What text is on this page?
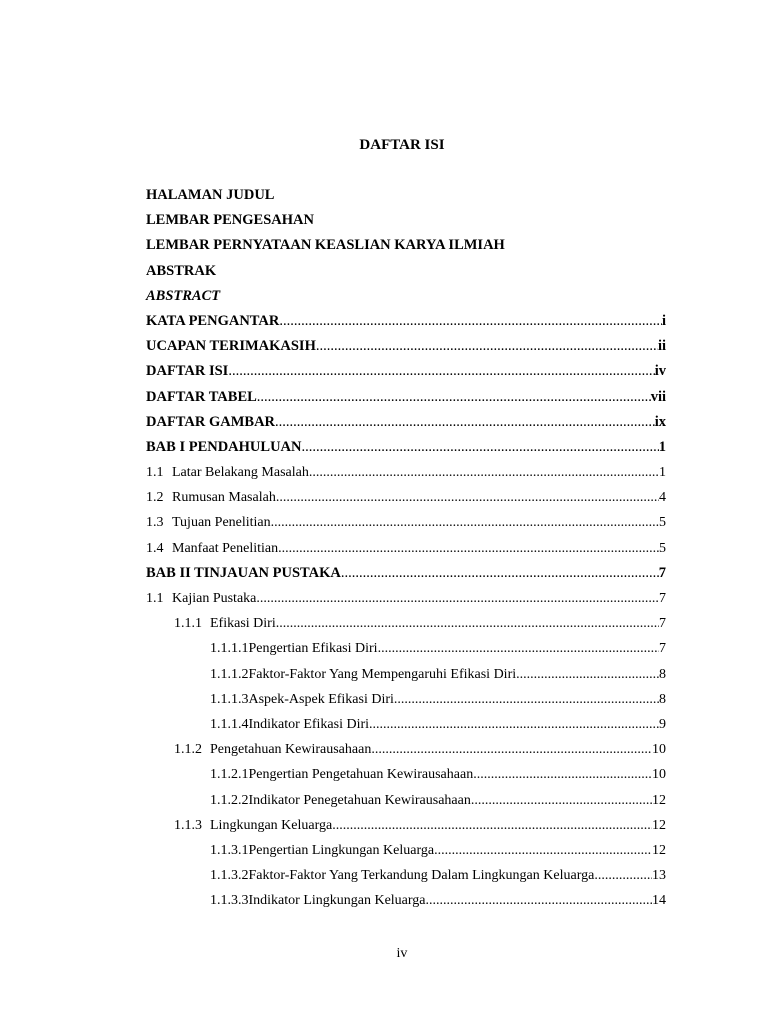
DAFTAR ISI
HALAMAN JUDUL
LEMBAR PENGESAHAN
LEMBAR PERNYATAAN KEASLIAN KARYA ILMIAH
ABSTRAK
ABSTRACT
KATA PENGANTAR .....	i
UCAPAN TERIMAKASIH .....	ii
DAFTAR ISI .....	iv
DAFTAR TABEL .....	vii
DAFTAR GAMBAR .....	ix
BAB I PENDAHULUAN .....	1
1.1 Latar Belakang Masalah .....	1
1.2 Rumusan Masalah .....	4
1.3 Tujuan Penelitian .....	5
1.4 Manfaat Penelitian .....	5
BAB II TINJAUAN PUSTAKA .....	7
1.1 Kajian Pustaka .....	7
1.1.1 Efikasi Diri .....	7
1.1.1.1Pengertian Efikasi Diri .....	7
1.1.1.2Faktor-Faktor Yang Mempengaruhi Efikasi Diri .....	8
1.1.1.3Aspek-Aspek Efikasi Diri .....	8
1.1.1.4Indikator Efikasi Diri .....	9
1.1.2 Pengetahuan Kewirausahaan .....	10
1.1.2.1Pengertian Pengetahuan Kewirausahaan .....	10
1.1.2.2Indikator Penegetahuan Kewirausahaan .....	12
1.1.3 Lingkungan Keluarga .....	12
1.1.3.1Pengertian Lingkungan Keluarga .....	12
1.1.3.2Faktor-Faktor Yang Terkandung Dalam Lingkungan Keluarga .....	13
1.1.3.3Indikator Lingkungan Keluarga .....	14
iv
